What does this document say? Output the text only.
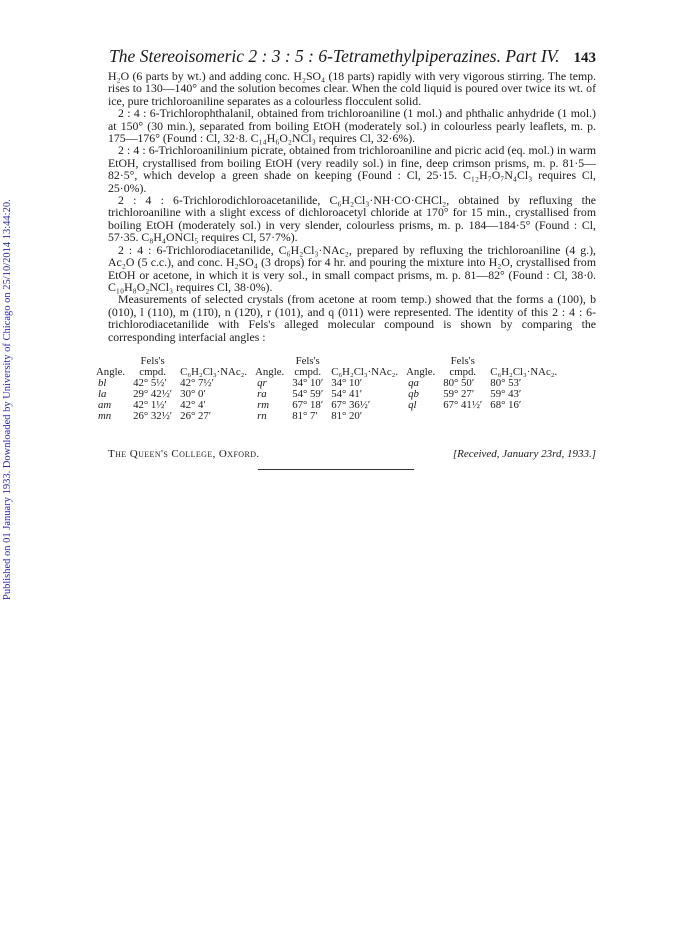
Published on 01 January 1933. Downloaded by University of Chicago on 25/10/2014 13:44:20.
The Stereoisomeric 2 : 3 : 5 : 6-Tetramethylpiperazines. Part IV. 143

H₂O (6 parts by wt.) and adding conc. H₂SO₄ (18 parts) rapidly with very vigorous stirring. The temp. rises to 130—140° and the solution becomes clear. When the cold liquid is poured over twice its wt. of ice, pure trichloroaniline separates as a colourless flocculent solid.

2 : 4 : 6-Trichlorophthalanil, obtained from trichloroaniline (1 mol.) and phthalic anhydride (1 mol.) at 150° (30 min.), separated from boiling EtOH (moderately sol.) in colourless pearly leaflets, m. p. 175—176° (Found : Cl, 32·8. C₁₄H₆O₂NCl₃ requires Cl, 32·6%).

2 : 4 : 6-Trichloroanilinium picrate, obtained from trichloroaniline and picric acid (eq. mol.) in warm EtOH, crystallised from boiling EtOH (very readily sol.) in fine, deep crimson prisms, m. p. 81·5—82·5°, which develop a green shade on keeping (Found : Cl, 25·15. C₁₂H₇O₇N₄Cl₃ requires Cl, 25·0%).

2 : 4 : 6-Trichlorodichloroacetanilide, C₆H₂Cl₃·NH·CO·CHCl₂, obtained by refluxing the trichloroaniline with a slight excess of dichloroacetyl chloride at 170° for 15 min., crystallised from boiling EtOH (moderately sol.) in very slender, colourless prisms, m. p. 184—184·5° (Found : Cl, 57·35. C₈H₄ONCl₅ requires Cl, 57·7%).

2 : 4 : 6-Trichlorodiacetanilide, C₆H₂Cl₃·NAc₂, prepared by refluxing the trichloroaniline (4 g.), Ac₂O (5 c.c.), and conc. H₂SO₄ (3 drops) for 4 hr. and pouring the mixture into H₂O, crystallised from EtOH or acetone, in which it is very sol., in small compact prisms, m. p. 81—82° (Found : Cl, 38·0. C₁₀H₈O₂NCl₃ requires Cl, 38·0%).

Measurements of selected crystals (from acetone at room temp.) showed that the forms a (100), b (010), l (110), m (11̄0), n (12̄0), r (101), and q (011) were represented. The identity of this 2 : 4 : 6-trichlorodiacetanilide with Fels's alleged molecular compound is shown by comparing the corresponding interfacial angles :

	Fels's			Fels's			Fels's	
Angle.	cmpd.	C₆H₂Cl₃·NAc₂.	Angle.	cmpd.	C₆H₂Cl₃·NAc₂.	Angle.	cmpd.	C₆H₂Cl₃·NAc₂.
bl	42° 5½′	42° 7½′	qr	34° 10′	34° 10′	qa	80° 50′	80° 53′
la	29° 42½′	30° 0′	ra	54° 59′	54° 41′	qb	59° 27′	59° 43′
am	42° 1½′	42° 4′	rm	67° 18′	67° 36½′	ql	67° 41½′	68° 16′
mn	26° 32½′	26° 27′	rn	81° 7′	81° 20′			
The Queen's College, Oxford.	[Received, January 23rd, 1933.]
